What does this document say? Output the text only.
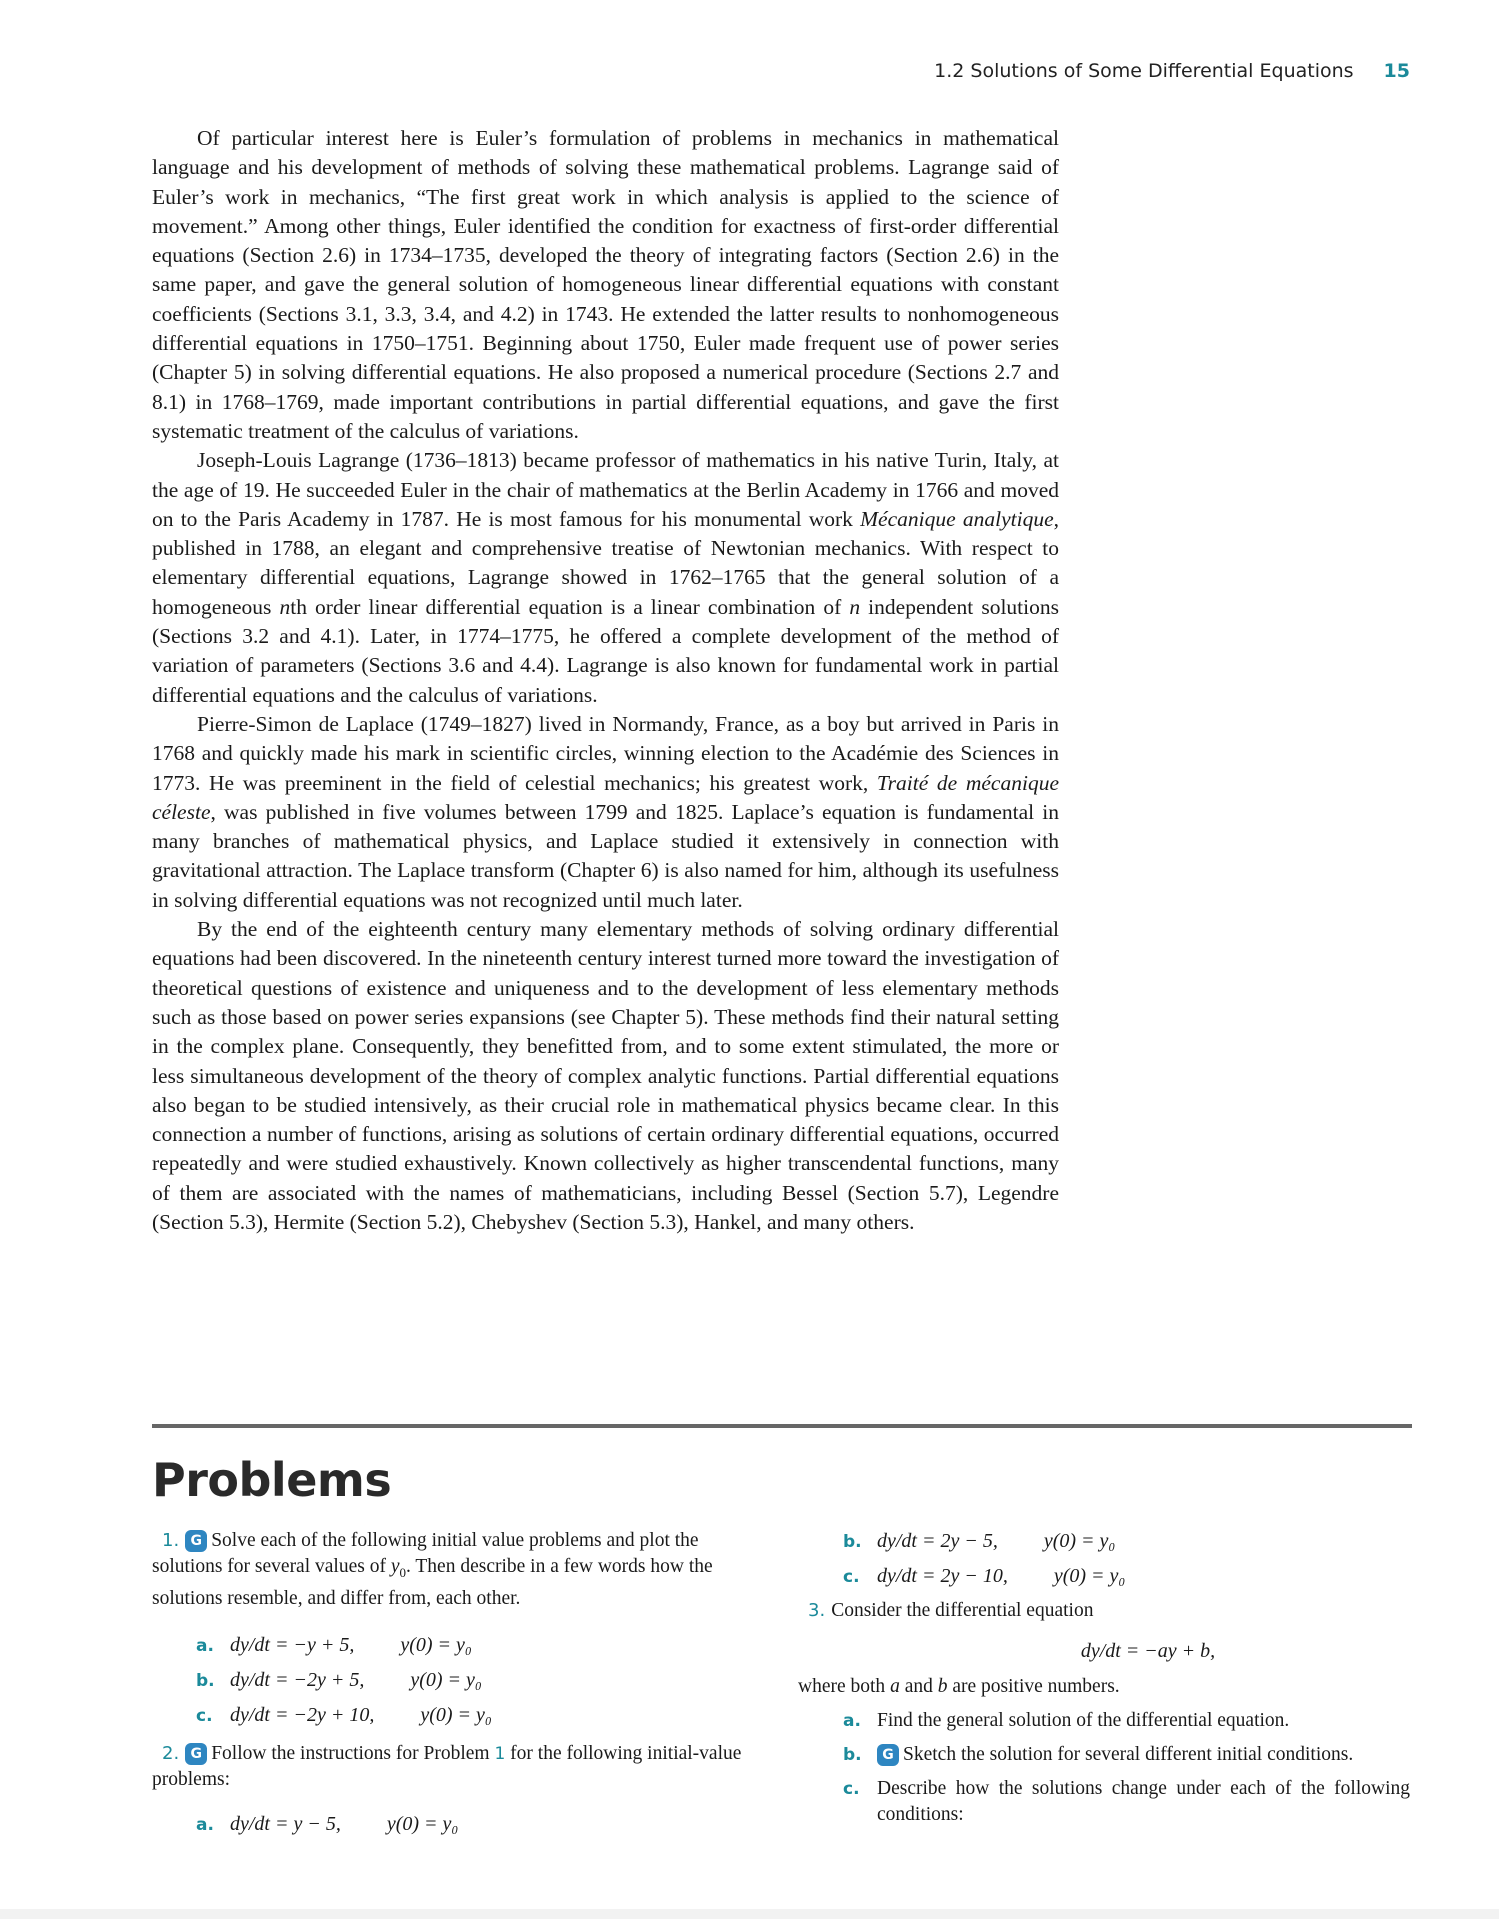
1.2 Solutions of Some Differential Equations 15

Of particular interest here is Euler’s formulation of problems in mechanics in mathematical language and his development of methods of solving these mathematical problems. Lagrange said of Euler’s work in mechanics, “The first great work in which analysis is applied to the science of movement.” Among other things, Euler identified the condition for exactness of first-order differential equations (Section 2.6) in 1734–1735, developed the theory of integrating factors (Section 2.6) in the same paper, and gave the general solution of homogeneous linear differential equations with constant coefficients (Sections 3.1, 3.3, 3.4, and 4.2) in 1743. He extended the latter results to nonhomogeneous differential equations in 1750–1751. Beginning about 1750, Euler made frequent use of power series (Chapter 5) in solving differential equations. He also proposed a numerical procedure (Sections 2.7 and 8.1) in 1768–1769, made important contributions in partial differential equations, and gave the first systematic treatment of the calculus of variations.

Joseph-Louis Lagrange (1736–1813) became professor of mathematics in his native Turin, Italy, at the age of 19. He succeeded Euler in the chair of mathematics at the Berlin Academy in 1766 and moved on to the Paris Academy in 1787. He is most famous for his monumental work Mécanique analytique, published in 1788, an elegant and comprehensive treatise of Newtonian mechanics. With respect to elementary differential equations, Lagrange showed in 1762–1765 that the general solution of a homogeneous nth order linear differential equation is a linear combination of n independent solutions (Sections 3.2 and 4.1). Later, in 1774–1775, he offered a complete development of the method of variation of parameters (Sections 3.6 and 4.4). Lagrange is also known for fundamental work in partial differential equations and the calculus of variations.

Pierre-Simon de Laplace (1749–1827) lived in Normandy, France, as a boy but arrived in Paris in 1768 and quickly made his mark in scientific circles, winning election to the Académie des Sciences in 1773. He was preeminent in the field of celestial mechanics; his greatest work, Traité de mécanique céleste, was published in five volumes between 1799 and 1825. Laplace’s equation is fundamental in many branches of mathematical physics, and Laplace studied it extensively in connection with gravitational attraction. The Laplace transform (Chapter 6) is also named for him, although its usefulness in solving differential equations was not recognized until much later.

By the end of the eighteenth century many elementary methods of solving ordinary differential equations had been discovered. In the nineteenth century interest turned more toward the investigation of theoretical questions of existence and uniqueness and to the development of less elementary methods such as those based on power series expansions (see Chapter 5). These methods find their natural setting in the complex plane. Consequently, they benefitted from, and to some extent stimulated, the more or less simultaneous development of the theory of complex analytic functions. Partial differential equations also began to be studied intensively, as their crucial role in mathematical physics became clear. In this connection a number of functions, arising as solutions of certain ordinary differential equations, occurred repeatedly and were studied exhaustively. Known collectively as higher transcendental functions, many of them are associated with the names of mathematicians, including Bessel (Section 5.7), Legendre (Section 5.3), Hermite (Section 5.2), Chebyshev (Section 5.3), Hankel, and many others.

Problems
1. G Solve each of the following initial value problems and plot the solutions for several values of $y_0$. Then describe in a few words how the solutions resemble, and differ from, each other.
a. dy/dt = −y + 5, y(0) = y₀
b. dy/dt = −2y + 5, y(0) = y₀
c. dy/dt = −2y + 10, y(0) = y₀
2. G Follow the instructions for Problem 1 for the following initial-value problems:
a. dy/dt = y − 5, y(0) = y₀
b. dy/dt = 2y − 5, y(0) = y₀
c. dy/dt = 2y − 10, y(0) = y₀
3. Consider the differential equation
dy/dt = −ay + b,
where both a and b are positive numbers.
a. Find the general solution of the differential equation.
b.	G Sketch the solution for several different initial conditions.
c. Describe how the solutions change under each of the following conditions:
